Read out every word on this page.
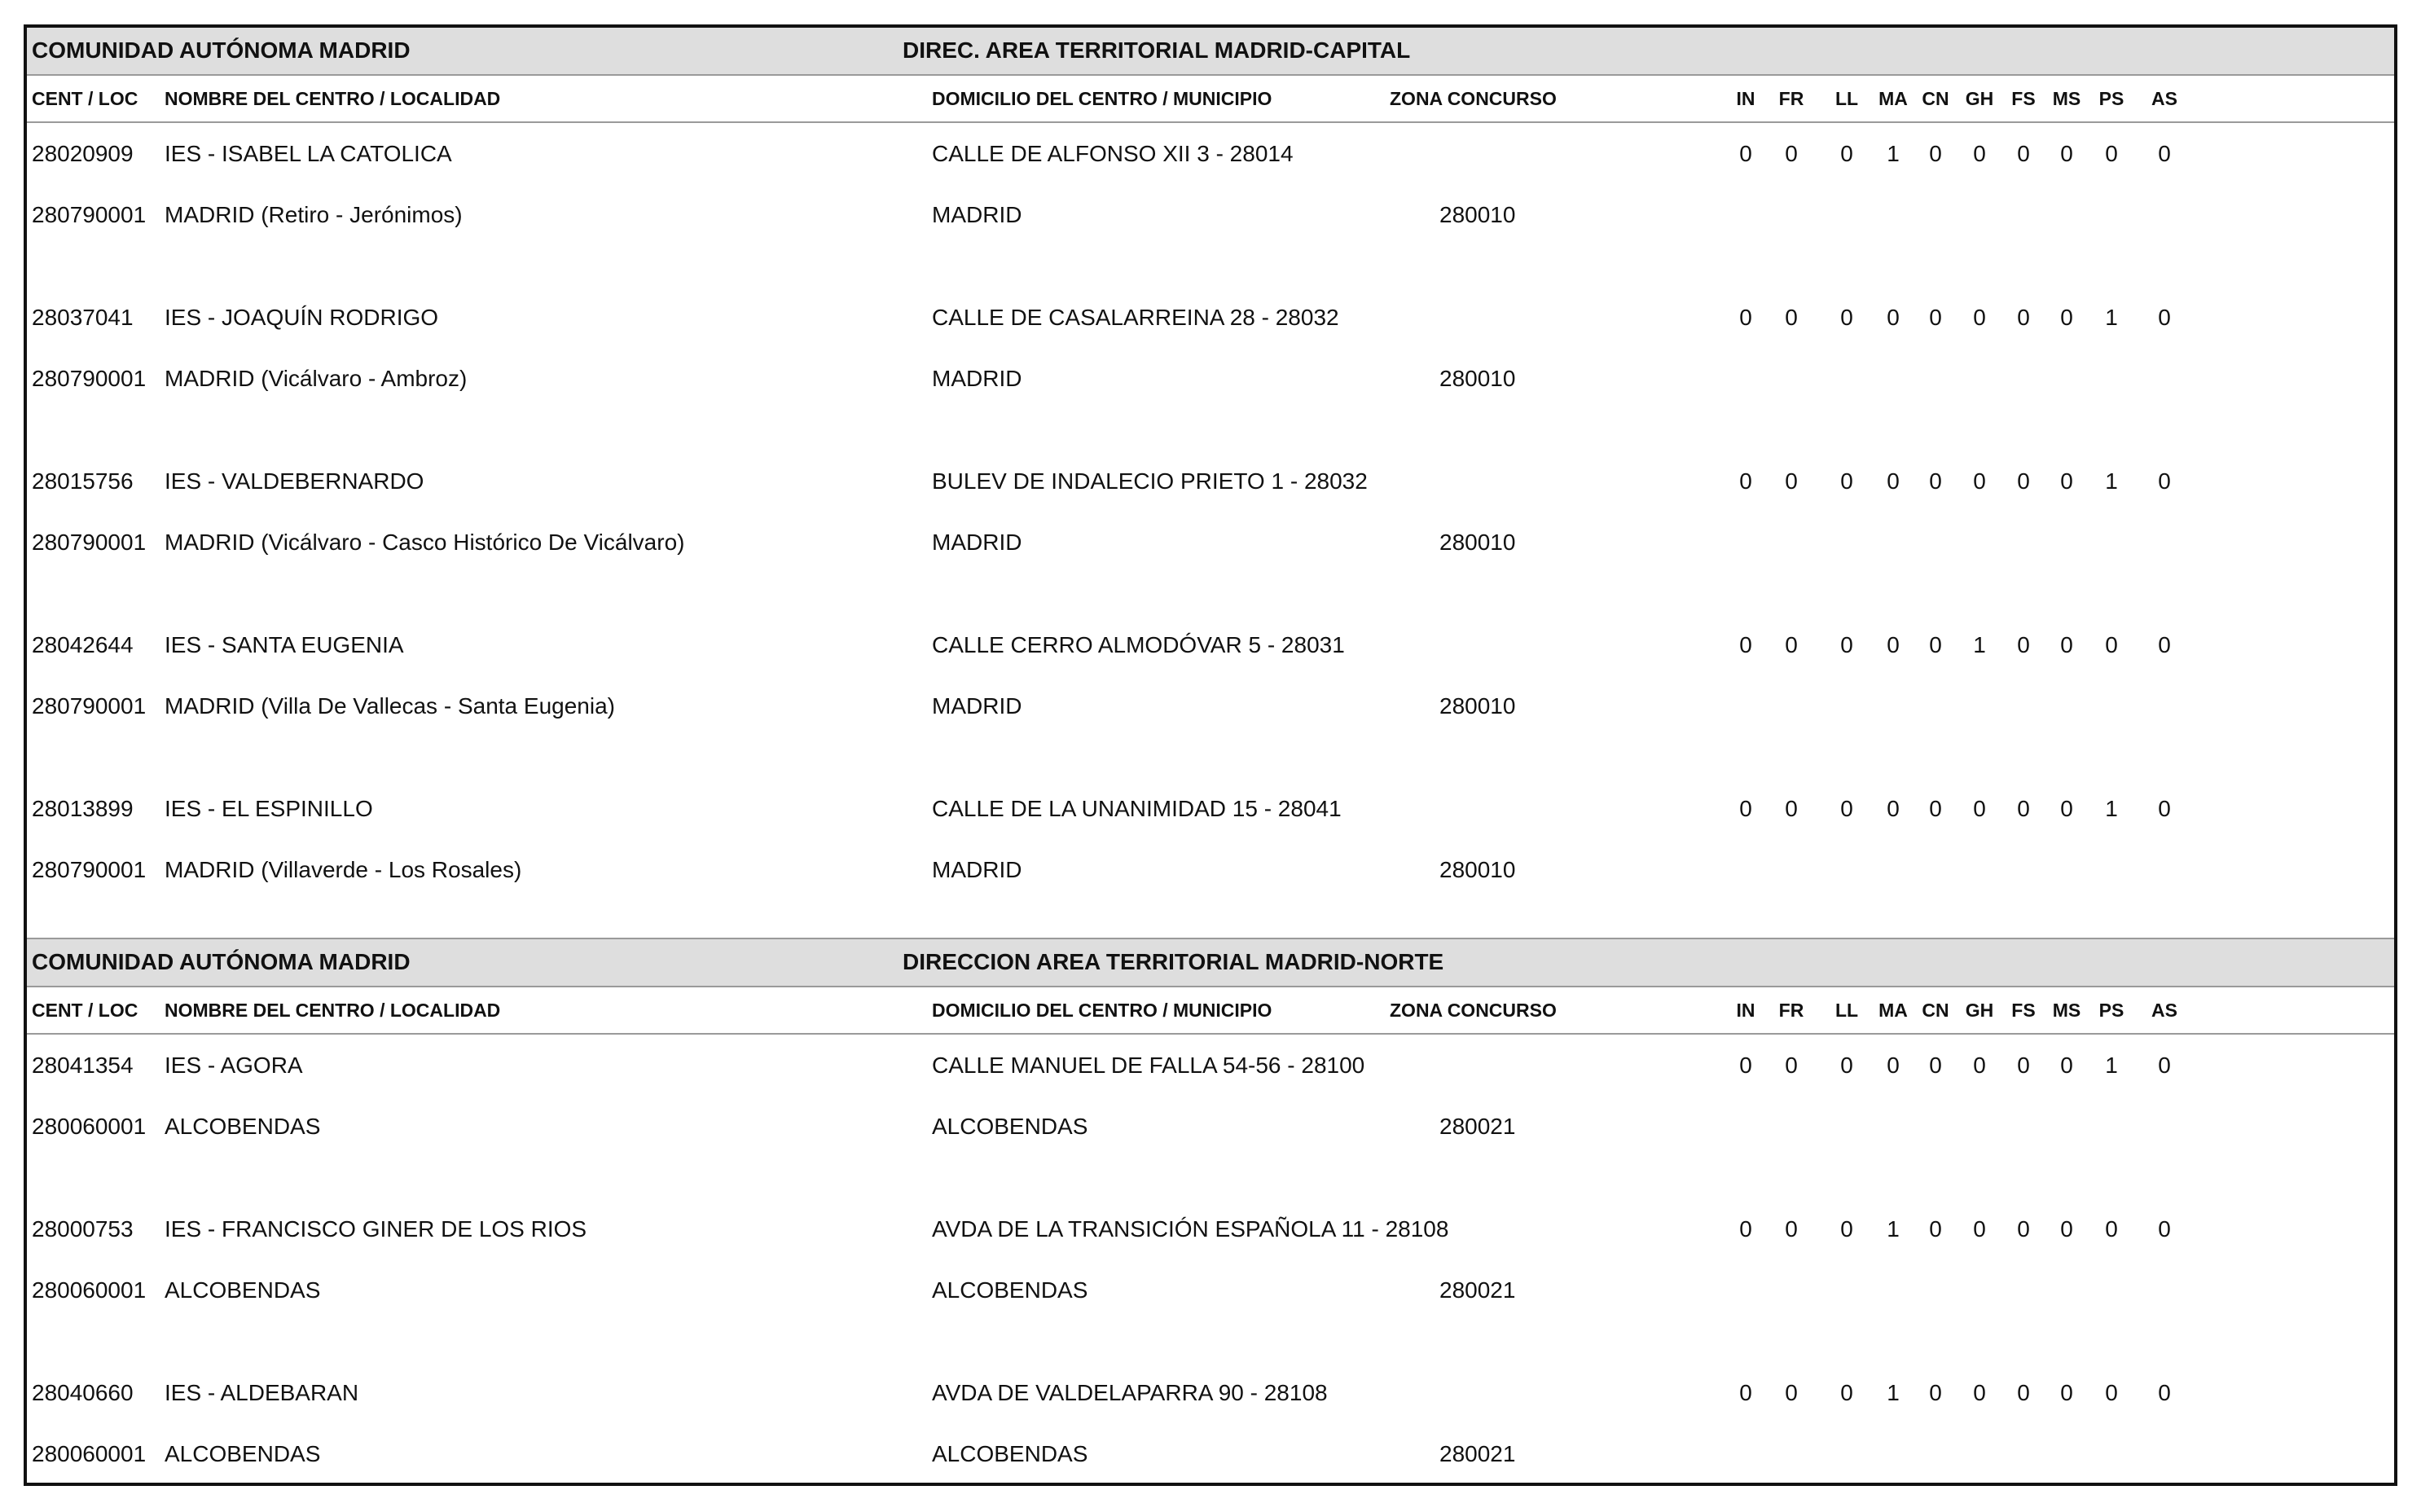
COMUNIDAD AUTÓNOMA MADRID	DIREC. AREA TERRITORIAL MADRID-CAPITAL
CENT / LOC NOMBRE DEL CENTRO / LOCALIDAD	DOMICILIO DEL CENTRO / MUNICIPIO	ZONA CONCURSO	IN FR LL MA CN GH FS MS PS AS
28020909 IES - ISABEL LA CATOLICA	CALLE DE ALFONSO XII 3 - 28014	0 0 0 1 0 0 0 0 0 0
280790001 MADRID (Retiro - Jerónimos)	MADRID	280010
28037041 IES - JOAQUÍN RODRIGO	CALLE DE CASALARREINA 28 - 28032	0 0 0 0 0 0 0 0 1 0
280790001 MADRID (Vicálvaro - Ambroz)	MADRID	280010
28015756 IES - VALDEBERNARDO	BULEV DE INDALECIO PRIETO 1 - 28032	0 0 0 0 0 0 0 0 1 0
280790001 MADRID (Vicálvaro - Casco Histórico De Vicálvaro)	MADRID	280010
28042644 IES - SANTA EUGENIA	CALLE CERRO ALMODÓVAR 5 - 28031	0 0 0 0 0 1 0 0 0 0
280790001 MADRID (Villa De Vallecas - Santa Eugenia)	MADRID	280010
28013899 IES - EL ESPINILLO	CALLE DE LA UNANIMIDAD 15 - 28041	0 0 0 0 0 0 0 0 1 0
280790001 MADRID (Villaverde - Los Rosales)	MADRID	280010
COMUNIDAD AUTÓNOMA MADRID	DIRECCION AREA TERRITORIAL MADRID-NORTE
CENT / LOC NOMBRE DEL CENTRO / LOCALIDAD	DOMICILIO DEL CENTRO / MUNICIPIO	ZONA CONCURSO	IN FR LL MA CN GH FS MS PS AS
28041354 IES - AGORA	CALLE MANUEL DE FALLA 54-56 - 28100	0 0 0 0 0 0 0 0 1 0
280060001 ALCOBENDAS	ALCOBENDAS	280021
28000753 IES - FRANCISCO GINER DE LOS RIOS	AVDA DE LA TRANSICIÓN ESPAÑOLA 11 - 28108	0 0 0 1 0 0 0 0 0 0
280060001 ALCOBENDAS	ALCOBENDAS	280021
28040660 IES - ALDEBARAN	AVDA DE VALDELAPARRA 90 - 28108	0 0 0 1 0 0 0 0 0 0
280060001 ALCOBENDAS	ALCOBENDAS	280021
